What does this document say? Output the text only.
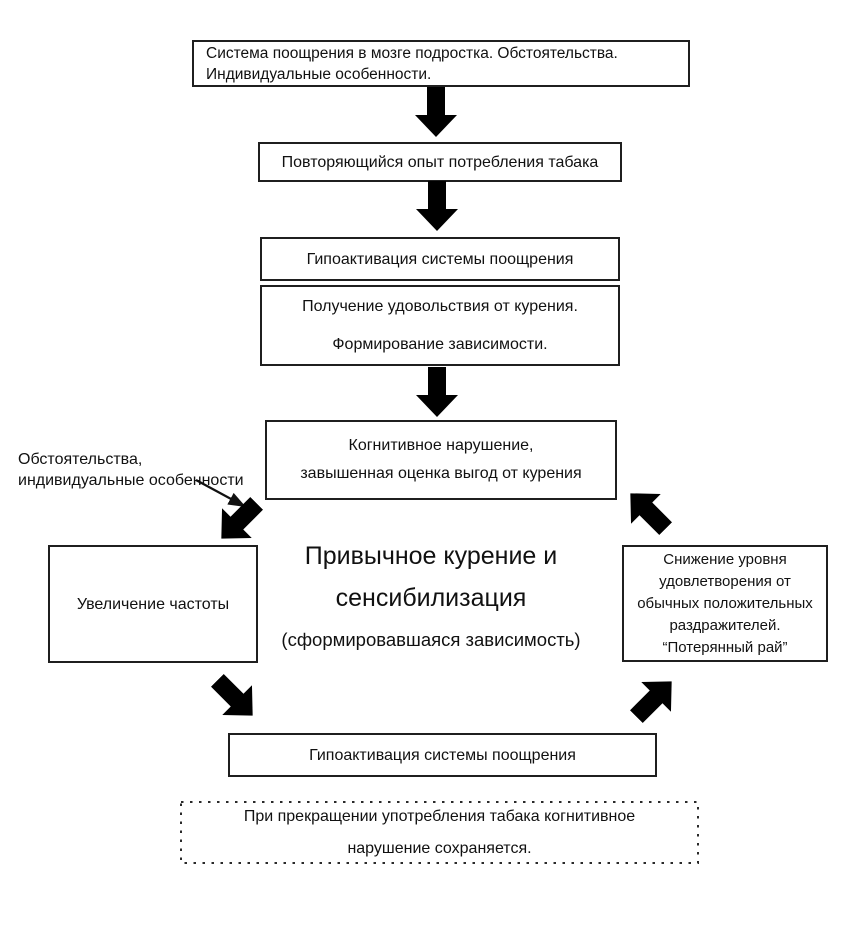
Система поощрения в мозге подростка. Обстоятельства.
Индивидуальные особенности.
Повторяющийся опыт потребления табака
Гипоактивация системы поощрения
Получение удовольствия от курения.
Формирование зависимости.
Когнитивное нарушение,
завышенная оценка выгод от курения
Обстоятельства,
индивидуальные особенности
Увеличение частоты
Привычное курение и
сенсибилизация
(сформировавшаяся зависимость)
Снижение уровня
удовлетворения от
обычных положительных
раздражителей.
“Потерянный рай”
Гипоактивация системы поощрения
При прекращении употребления табака когнитивное
нарушение сохраняется.
